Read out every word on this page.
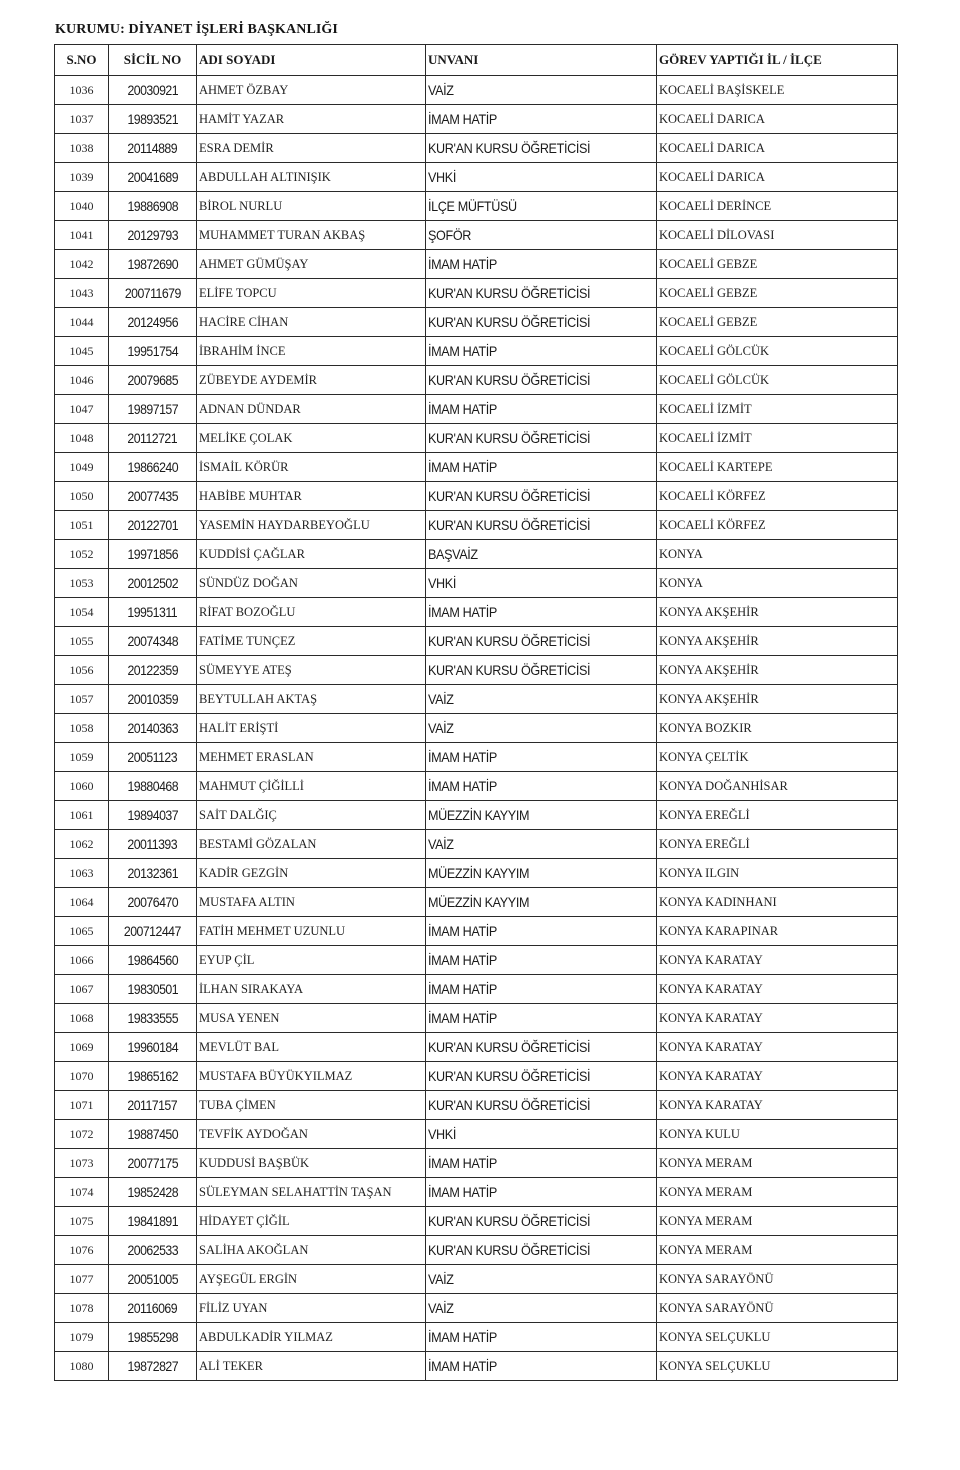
KURUMU: DİYANET İŞLERİ BAŞKANLIĞI
S.NO	SİCİL NO	ADI SOYADI	UNVANI	GÖREV YAPTIĞI İL / İLÇE
1036	20030921	AHMET ÖZBAY	VAİZ	KOCAELİ BAŞİSKELE
1037	19893521	HAMİT YAZAR	İMAM HATİP	KOCAELİ DARICA
1038	20114889	ESRA DEMİR	KUR'AN KURSU ÖĞRETİCİSİ	KOCAELİ DARICA
1039	20041689	ABDULLAH ALTINIŞIK	VHKİ	KOCAELİ DARICA
1040	19886908	BİROL NURLU	İLÇE MÜFTÜSÜ	KOCAELİ DERİNCE
1041	20129793	MUHAMMET TURAN AKBAŞ	ŞOFÖR	KOCAELİ DİLOVASI
1042	19872690	AHMET GÜMÜŞAY	İMAM HATİP	KOCAELİ GEBZE
1043	200711679	ELİFE TOPCU	KUR'AN KURSU ÖĞRETİCİSİ	KOCAELİ GEBZE
1044	20124956	HACİRE CİHAN	KUR'AN KURSU ÖĞRETİCİSİ	KOCAELİ GEBZE
1045	19951754	İBRAHİM İNCE	İMAM HATİP	KOCAELİ GÖLCÜK
1046	20079685	ZÜBEYDE AYDEMİR	KUR'AN KURSU ÖĞRETİCİSİ	KOCAELİ GÖLCÜK
1047	19897157	ADNAN DÜNDAR	İMAM HATİP	KOCAELİ İZMİT
1048	20112721	MELİKE ÇOLAK	KUR'AN KURSU ÖĞRETİCİSİ	KOCAELİ İZMİT
1049	19866240	İSMAİL KÖRÜR	İMAM HATİP	KOCAELİ KARTEPE
1050	20077435	HABİBE MUHTAR	KUR'AN KURSU ÖĞRETİCİSİ	KOCAELİ KÖRFEZ
1051	20122701	YASEMİN HAYDARBEYOĞLU	KUR'AN KURSU ÖĞRETİCİSİ	KOCAELİ KÖRFEZ
1052	19971856	KUDDİSİ ÇAĞLAR	BAŞVAİZ	KONYA
1053	20012502	SÜNDÜZ DOĞAN	VHKİ	KONYA
1054	19951311	RİFAT BOZOĞLU	İMAM HATİP	KONYA AKŞEHİR
1055	20074348	FATİME TUNÇEZ	KUR'AN KURSU ÖĞRETİCİSİ	KONYA AKŞEHİR
1056	20122359	SÜMEYYE ATEŞ	KUR'AN KURSU ÖĞRETİCİSİ	KONYA AKŞEHİR
1057	20010359	BEYTULLAH AKTAŞ	VAİZ	KONYA AKŞEHİR
1058	20140363	HALİT ERİŞTİ	VAİZ	KONYA BOZKIR
1059	20051123	MEHMET ERASLAN	İMAM HATİP	KONYA ÇELTİK
1060	19880468	MAHMUT ÇİĞİLLİ	İMAM HATİP	KONYA DOĞANHİSAR
1061	19894037	SAİT DALĞIÇ	MÜEZZİN KAYYIM	KONYA EREĞLİ
1062	20011393	BESTAMİ GÖZALAN	VAİZ	KONYA EREĞLİ
1063	20132361	KADİR GEZGİN	MÜEZZİN KAYYIM	KONYA ILGIN
1064	20076470	MUSTAFA ALTIN	MÜEZZİN KAYYIM	KONYA KADINHANI
1065	200712447	FATİH MEHMET UZUNLU	İMAM HATİP	KONYA KARAPINAR
1066	19864560	EYUP ÇİL	İMAM HATİP	KONYA KARATAY
1067	19830501	İLHAN SIRAKAYA	İMAM HATİP	KONYA KARATAY
1068	19833555	MUSA YENEN	İMAM HATİP	KONYA KARATAY
1069	19960184	MEVLÜT BAL	KUR'AN KURSU ÖĞRETİCİSİ	KONYA KARATAY
1070	19865162	MUSTAFA BÜYÜKYILMAZ	KUR'AN KURSU ÖĞRETİCİSİ	KONYA KARATAY
1071	20117157	TUBA ÇİMEN	KUR'AN KURSU ÖĞRETİCİSİ	KONYA KARATAY
1072	19887450	TEVFİK AYDOĞAN	VHKİ	KONYA KULU
1073	20077175	KUDDUSİ BAŞBÜK	İMAM HATİP	KONYA MERAM
1074	19852428	SÜLEYMAN SELAHATTİN TAŞAN	İMAM HATİP	KONYA MERAM
1075	19841891	HİDAYET ÇİĞİL	KUR'AN KURSU ÖĞRETİCİSİ	KONYA MERAM
1076	20062533	SALİHA AKOĞLAN	KUR'AN KURSU ÖĞRETİCİSİ	KONYA MERAM
1077	20051005	AYŞEGÜL ERGİN	VAİZ	KONYA SARAYÖNÜ
1078	20116069	FİLİZ UYAN	VAİZ	KONYA SARAYÖNÜ
1079	19855298	ABDULKADİR YILMAZ	İMAM HATİP	KONYA SELÇUKLU
1080	19872827	ALİ TEKER	İMAM HATİP	KONYA SELÇUKLU
